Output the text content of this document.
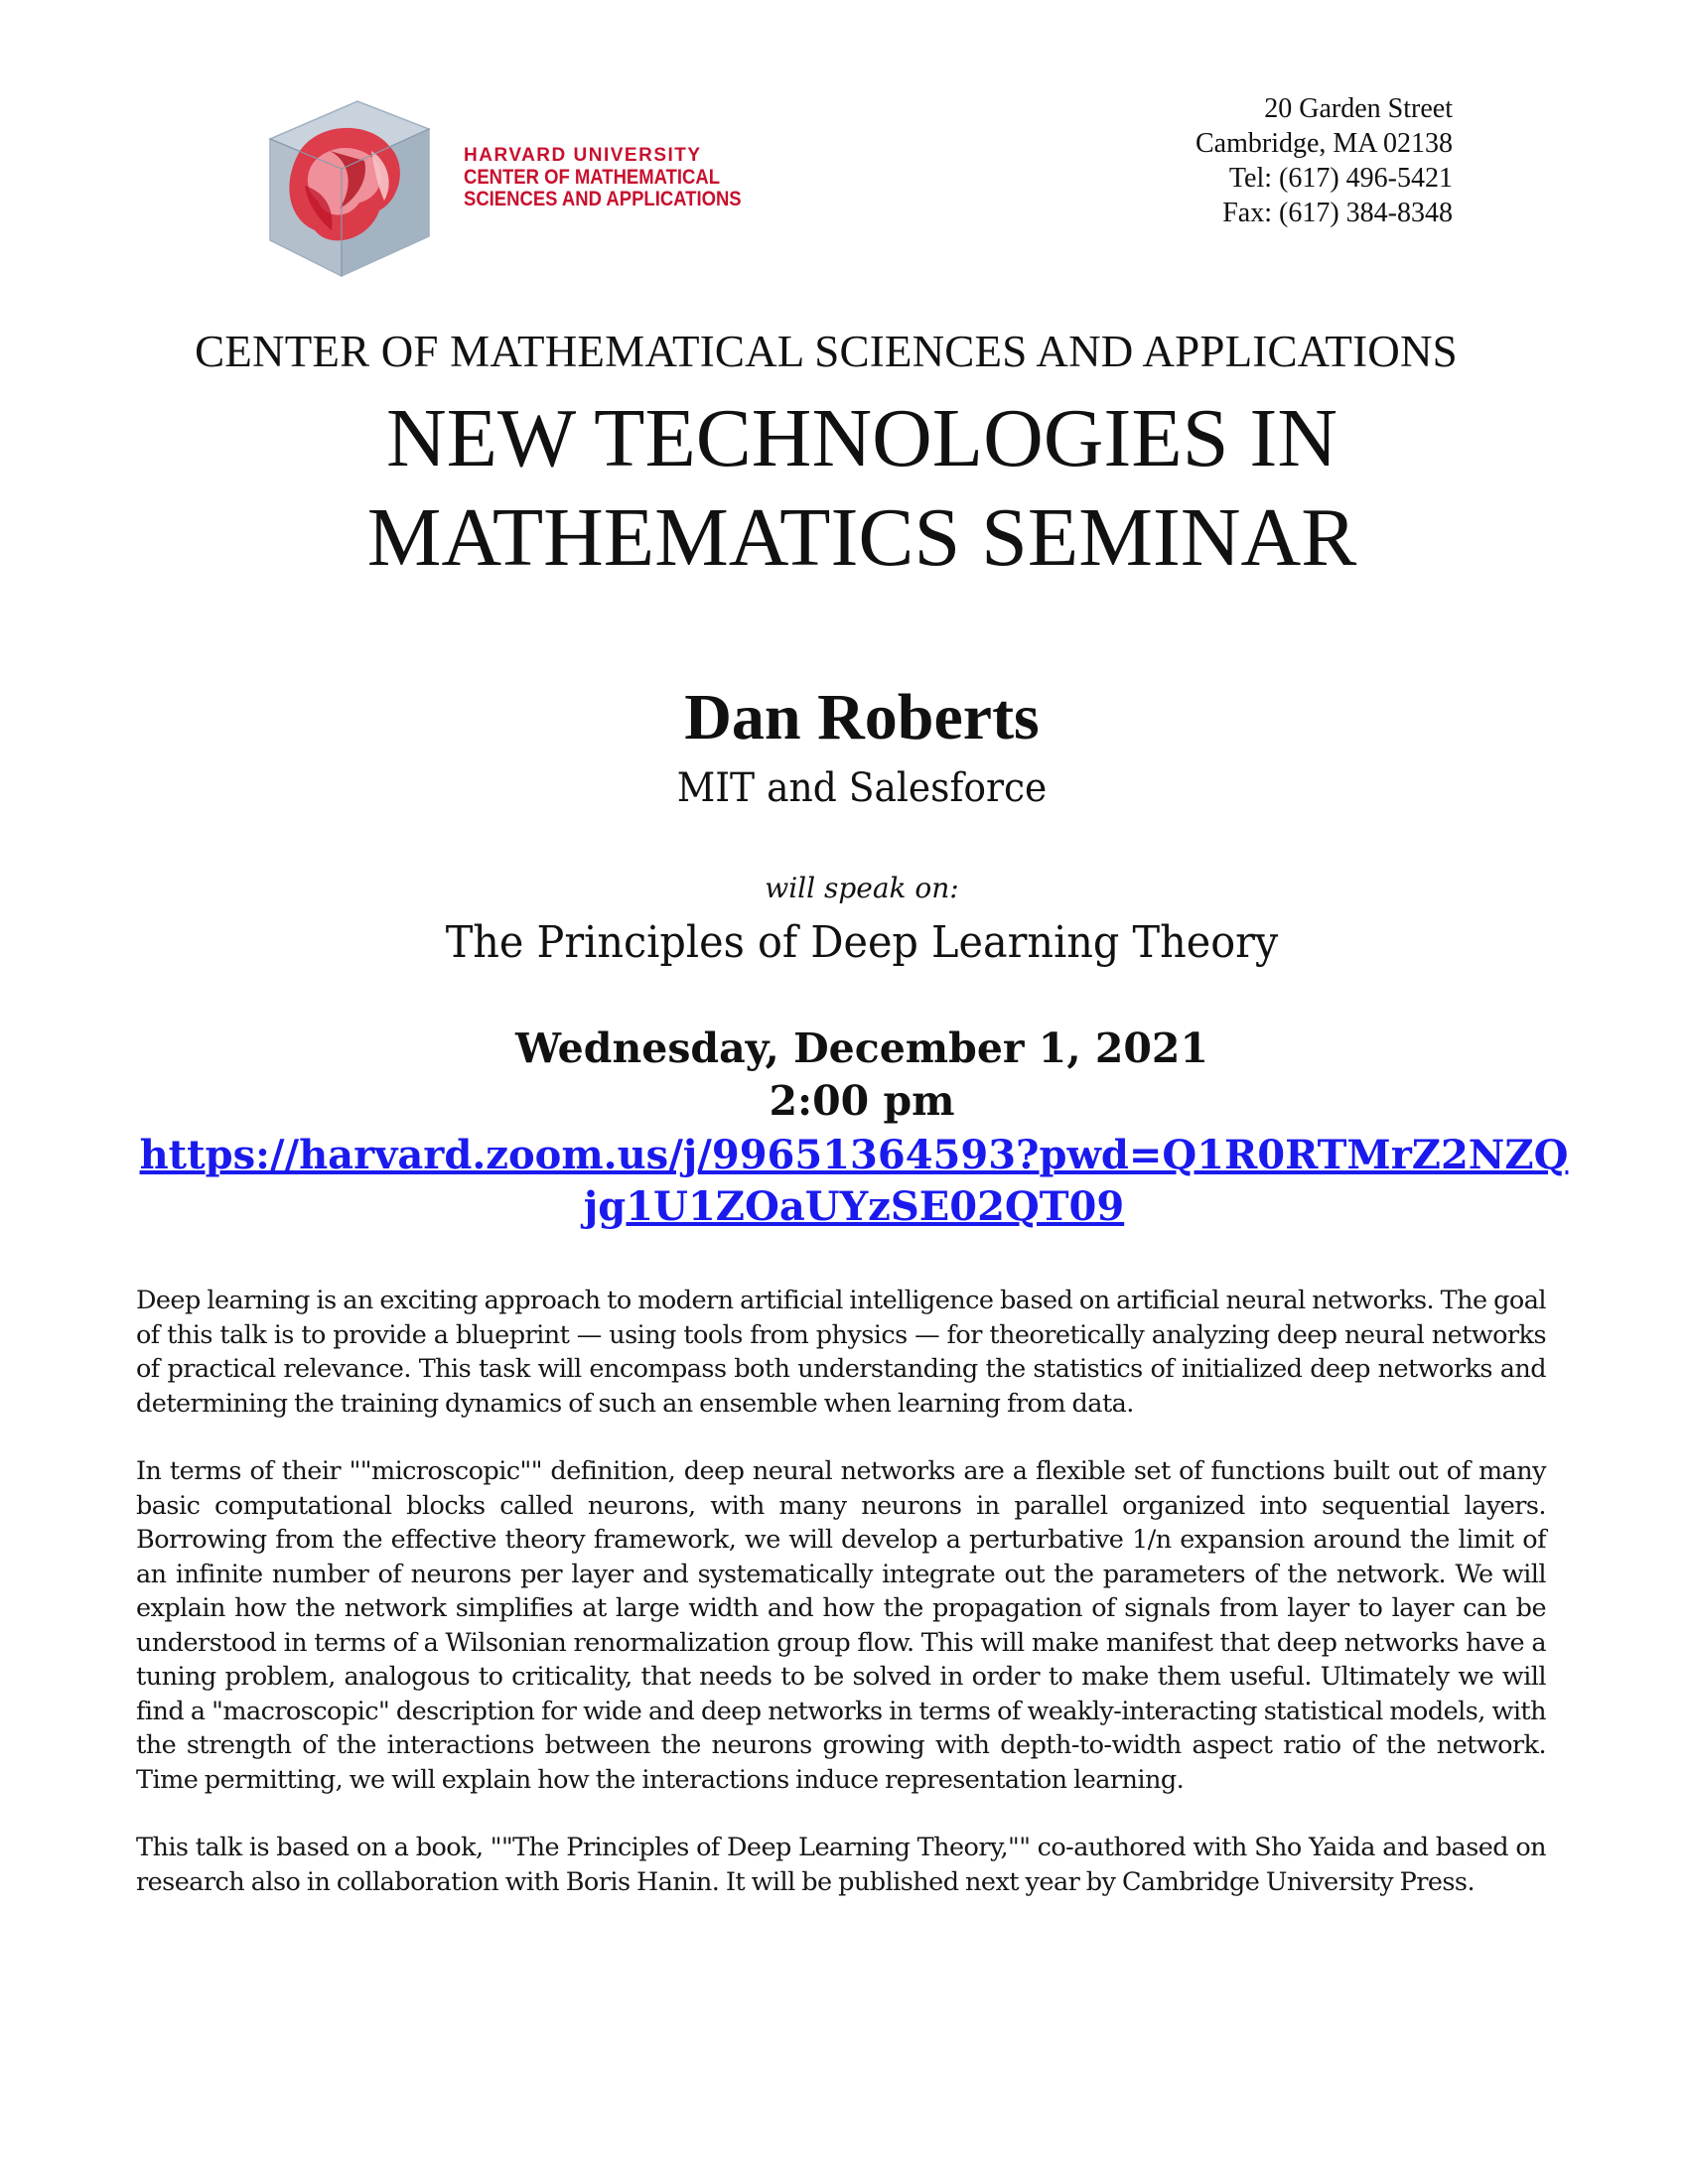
HARVARD UNIVERSITY
CENTER OF MATHEMATICAL
SCIENCES AND APPLICATIONS
20 Garden Street
Cambridge, MA 02138
Tel: (617) 496-5421
Fax: (617) 384-8348
CENTER OF MATHEMATICAL SCIENCES AND APPLICATIONS
NEW TECHNOLOGIES IN
MATHEMATICS SEMINAR
Dan Roberts
MIT and Salesforce
will speak on:
The Principles of Deep Learning Theory
Wednesday, December 1, 2021
2:00 pm
https://harvard.zoom.us/j/99651364593?pwd=Q1R0RTMrZ2NZQjg1U1ZOaUYzSE02QT09

Deep learning is an exciting approach to modern artificial intelligence based on artificial neural networks. The goal of this talk is to provide a blueprint — using tools from physics — for theoretically analyzing deep neural networks of practical relevance. This task will encompass both understanding the statistics of initialized deep networks and determining the training dynamics of such an ensemble when learning from data.

In terms of their ""microscopic"" definition, deep neural networks are a flexible set of functions built out of many basic computational blocks called neurons, with many neurons in parallel organized into sequential layers. Borrowing from the effective theory framework, we will develop a perturbative 1/n expansion around the limit of an infinite number of neurons per layer and systematically integrate out the parameters of the network. We will explain how the network simplifies at large width and how the propagation of signals from layer to layer can be understood in terms of a Wilsonian renormalization group flow. This will make manifest that deep networks have a tuning problem, analogous to criticality, that needs to be solved in order to make them useful. Ultimately we will find a "macroscopic" description for wide and deep networks in terms of weakly-interacting statistical models, with the strength of the interactions between the neurons growing with depth-to-width aspect ratio of the network. Time permitting, we will explain how the interactions induce representation learning.

This talk is based on a book, ""The Principles of Deep Learning Theory,"" co-authored with Sho Yaida and based on research also in collaboration with Boris Hanin. It will be published next year by Cambridge University Press.
